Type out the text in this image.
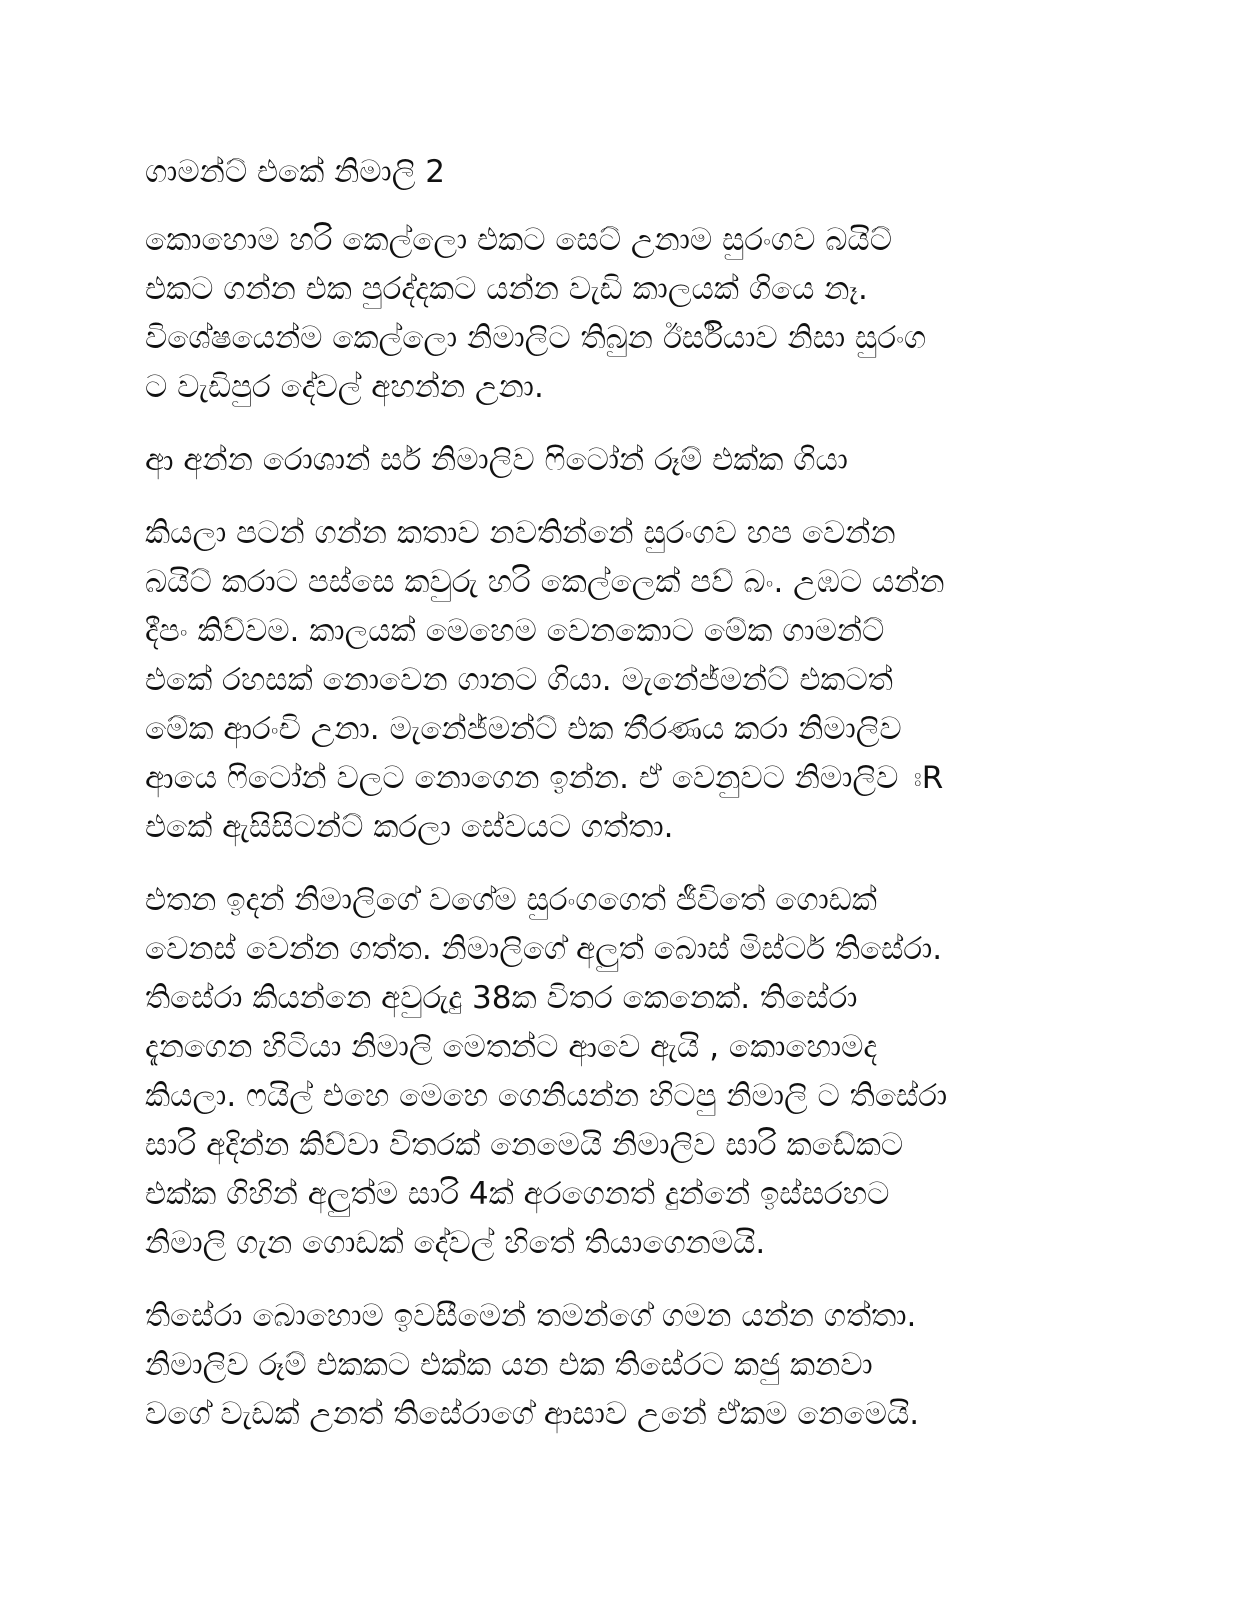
ගාමන්ට් එකේ නිමාලි 2
කොහොම හරි කෙල්ලො එකට සෙට් උනාම සුරංගව බයිට්
එකට ගන්න එක පුරද්දකට යන්න වැඩි කාලයක් ගියෙ නෑ.
විශේෂයෙන්ම කෙල්ලො නිමාලිට තිබුන ඊර්සියාව නිසා සුරංග
ට වැඩිපුර දේවල් අහන්න උනා.
ආ අන්න රොශාන් සර් නිමාලිව ෆිටෝන් රූම් එක්ක ගියා
කියලා පටන් ගන්න කතාව නවතින්නේ සුරංගව හප වෙන්න
බයිට් කරාට පස්සෙ කවුරු හරි කෙල්ලෙක් පව් බං. උඹට යන්න
දීපං කිව්වම. කාලයක් මෙහෙම වෙනකොට මේක ගාමන්ට්
එකේ රහසක් නොවෙන ගානට ගියා. මැනේජ්මන්ට් එකටත්
මේක ආරංචි උනා. මැනේජ්මන්ට් එක තීරණය කරා නිමාලිව
ආයෙ ෆිටෝන් වලට නොගෙන ඉන්න. ඒ වෙනුවට නිමාලිව ඃR
එකේ ඇසිසිටන්ට් කරලා සේවයට ගත්තා.
එතන ඉදන් නිමාලිගේ වගේම සුරංගගෙත් ජීවිතේ ගොඩක්
වෙනස් වෙන්න ගත්ත. නිමාලිගේ අලුත් බොස් මිස්ටර් තිසේරා.
තිසේරා කියන්නෙ අවුරුදු 38ක විතර කෙනෙක්. තිසේරා
දැනගෙන හිටියා නිමාලි මෙතන්ට ආවෙ ඇයි , කොහොමද
කියලා. ෆයිල් එහෙ මෙහෙ ගෙනියන්න හිටපු නිමාලි ට තිසේරා
සාරි අදින්න කිව්වා විතරක් නෙමෙයි නිමාලිව සාරි කඩේකට
එක්ක ගිහින් අලුත්ම සාරි 4ක් අරගෙනත් දුන්නේ ඉස්සරහට
නිමාලි ගැන ගොඩක් දේවල් හිතේ තියාගෙනමයි.
තිසේරා බොහොම ඉවසීමෙන් තමන්ගේ ගමන යන්න ගත්තා.
නිමාලිව රූම් එකකට එක්ක යන එක තිසේරට කජු කනවා
වගේ වැඩක් උනත් තිසේරාගේ ආසාව උනේ ඒකම නෙමෙයි.
